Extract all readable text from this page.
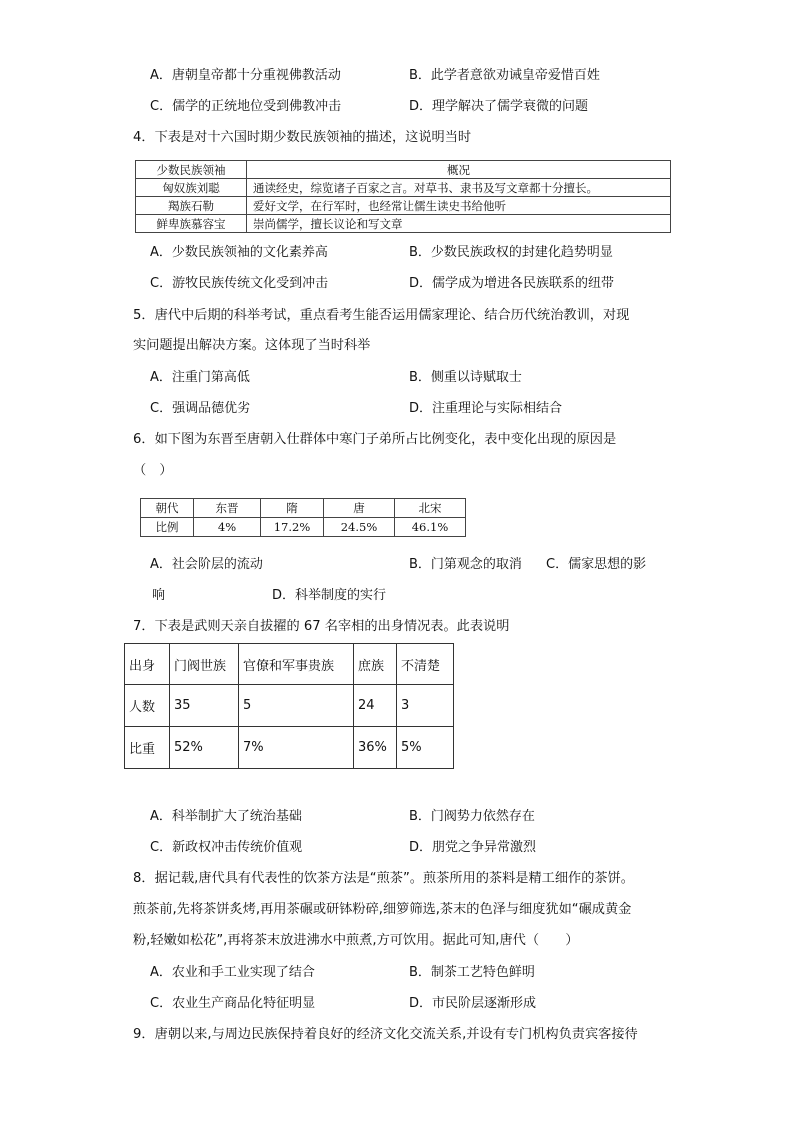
A．唐朝皇帝都十分重视佛教活动	B．此学者意欲劝诫皇帝爱惜百姓
C．儒学的正统地位受到佛教冲击	D．理学解决了儒学衰微的问题
4．下表是对十六国时期少数民族领袖的描述，这说明当时
少数民族领袖	概况
匈奴族刘聪	通读经史，综览诸子百家之言。对草书、隶书及写文章都十分擅长。
羯族石勒	爱好文学，在行军时，也经常让儒生读史书给他听
鲜卑族慕容宝	崇尚儒学，擅长议论和写文章
A．少数民族领袖的文化素养高	B．少数民族政权的封建化趋势明显
C．游牧民族传统文化受到冲击	D．儒学成为增进各民族联系的纽带
5．唐代中后期的科举考试，重点看考生能否运用儒家理论、结合历代统治教训，对现
实问题提出解决方案。这体现了当时科举
A．注重门第高低	B．侧重以诗赋取士
C．强调品德优劣	D．注重理论与实际相结合
6．如下图为东晋至唐朝入仕群体中寒门子弟所占比例变化，表中变化出现的原因是
（　）
朝代	东晋	隋	唐	北宋
比例	4%	17.2%	24.5%	46.1%
A．社会阶层的流动	B．门第观念的取消 C．儒家思想的影
响	D．科举制度的实行
7．下表是武则天亲自拔擢的 67 名宰相的出身情况表。此表说明
出身	门阀世族	官僚和军事贵族	庶族	不清楚
人数	35	5	24	3
比重	52%	7%	36%	5%
A．科举制扩大了统治基础	B．门阀势力依然存在
C．新政权冲击传统价值观	D．朋党之争异常激烈
8．据记载,唐代具有代表性的饮茶方法是“煎茶”。煎茶所用的茶料是精工细作的茶饼。
煎茶前,先将茶饼炙烤,再用茶碾或研钵粉碎,细箩筛选,茶末的色泽与细度犹如“碾成黄金
粉,轻嫩如松花”,再将茶末放进沸水中煎煮,方可饮用。据此可知,唐代（　　）
A．农业和手工业实现了结合	B．制茶工艺特色鲜明
C．农业生产商品化特征明显	D．市民阶层逐渐形成
9．唐朝以来,与周边民族保持着良好的经济文化交流关系,并设有专门机构负责宾客接待
